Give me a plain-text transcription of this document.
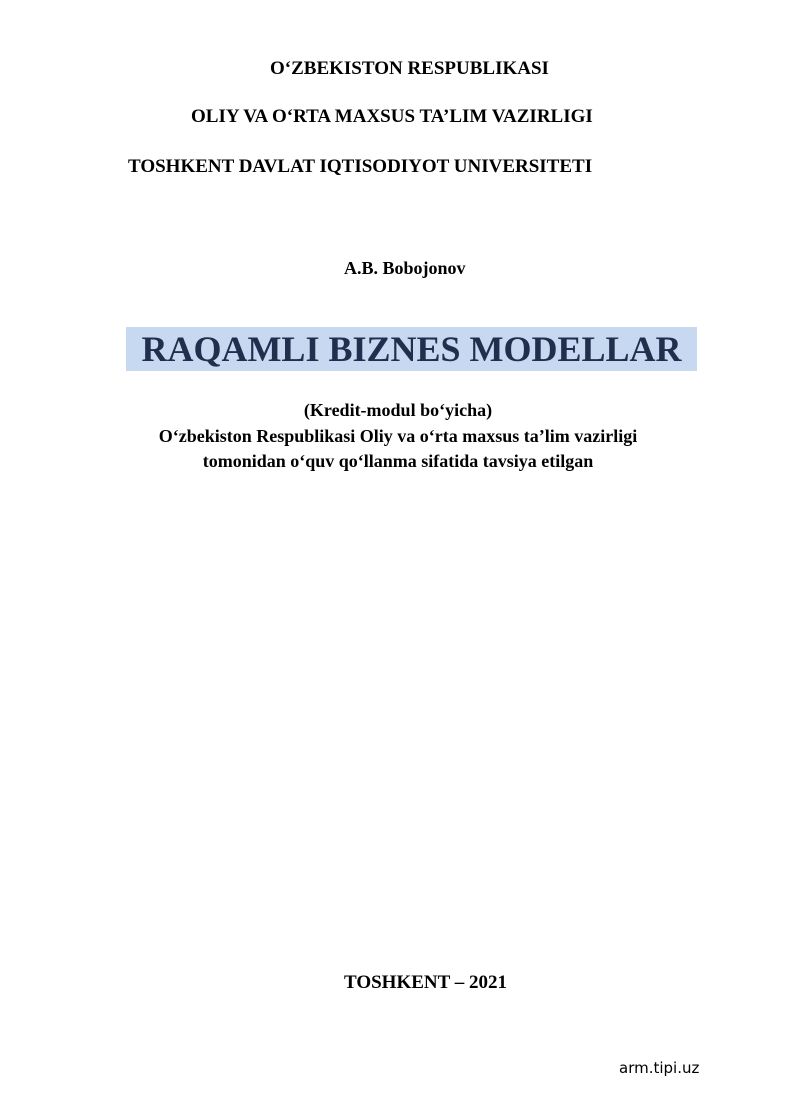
O‘ZBEKISTON RESPUBLIKASI
OLIY VA O‘RTA MAXSUS TA’LIM VAZIRLIGI
TOSHKENT DAVLAT IQTISODIYOT UNIVERSITETI
A.B. Bobojonov
RAQAMLI BIZNES MODELLAR
(Kredit-modul bo‘yicha)
O‘zbekiston Respublikasi Oliy va o‘rta maxsus ta’lim vazirligi
tomonidan o‘quv qo‘llanma sifatida tavsiya etilgan
TOSHKENT – 2021
arm.tipi.uz
